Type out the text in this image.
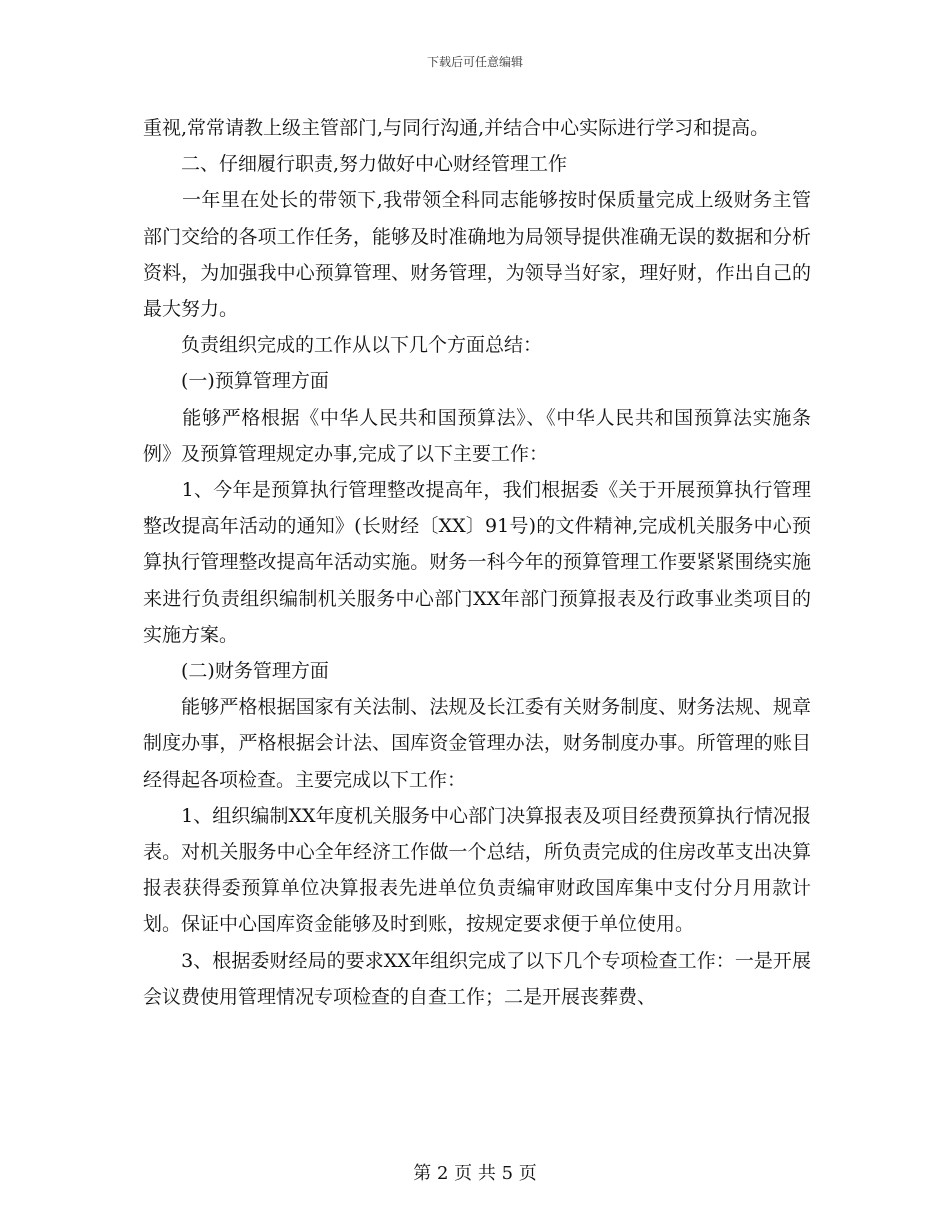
下载后可任意编辑

重视,常常请教上级主管部门,与同行沟通,并结合中心实际进行学习和提高。

　　二、仔细履行职责,努力做好中心财经管理工作

　　一年里在处长的带领下,我带领全科同志能够按时保质量完成上级财务主管部门交给的各项工作任务，能够及时准确地为局领导提供准确无误的数据和分析资料，为加强我中心预算管理、财务管理，为领导当好家，理好财，作出自己的最大努力。

　　负责组织完成的工作从以下几个方面总结：

　　(一)预算管理方面

　　能够严格根据《中华人民共和国预算法》、《中华人民共和国预算法实施条例》及预算管理规定办事,完成了以下主要工作：

　　1、今年是预算执行管理整改提高年，我们根据委《关于开展预算执行管理整改提高年活动的通知》(长财经〔XX〕91号)的文件精神,完成机关服务中心预算执行管理整改提高年活动实施。财务一科今年的预算管理工作要紧紧围绕实施来进行负责组织编制机关服务中心部门XX年部门预算报表及行政事业类项目的实施方案。

　　(二)财务管理方面

　　能够严格根据国家有关法制、法规及长江委有关财务制度、财务法规、规章制度办事，严格根据会计法、国库资金管理办法，财务制度办事。所管理的账目经得起各项检查。主要完成以下工作：

　　1、组织编制XX年度机关服务中心部门决算报表及项目经费预算执行情况报表。对机关服务中心全年经济工作做一个总结，所负责完成的住房改革支出决算报表获得委预算单位决算报表先进单位负责编审财政国库集中支付分月用款计划。保证中心国库资金能够及时到账，按规定要求便于单位使用。

　　3、根据委财经局的要求XX年组织完成了以下几个专项检查工作：一是开展会议费使用管理情况专项检查的自查工作；二是开展丧葬费、

第 2 页 共 5 页
